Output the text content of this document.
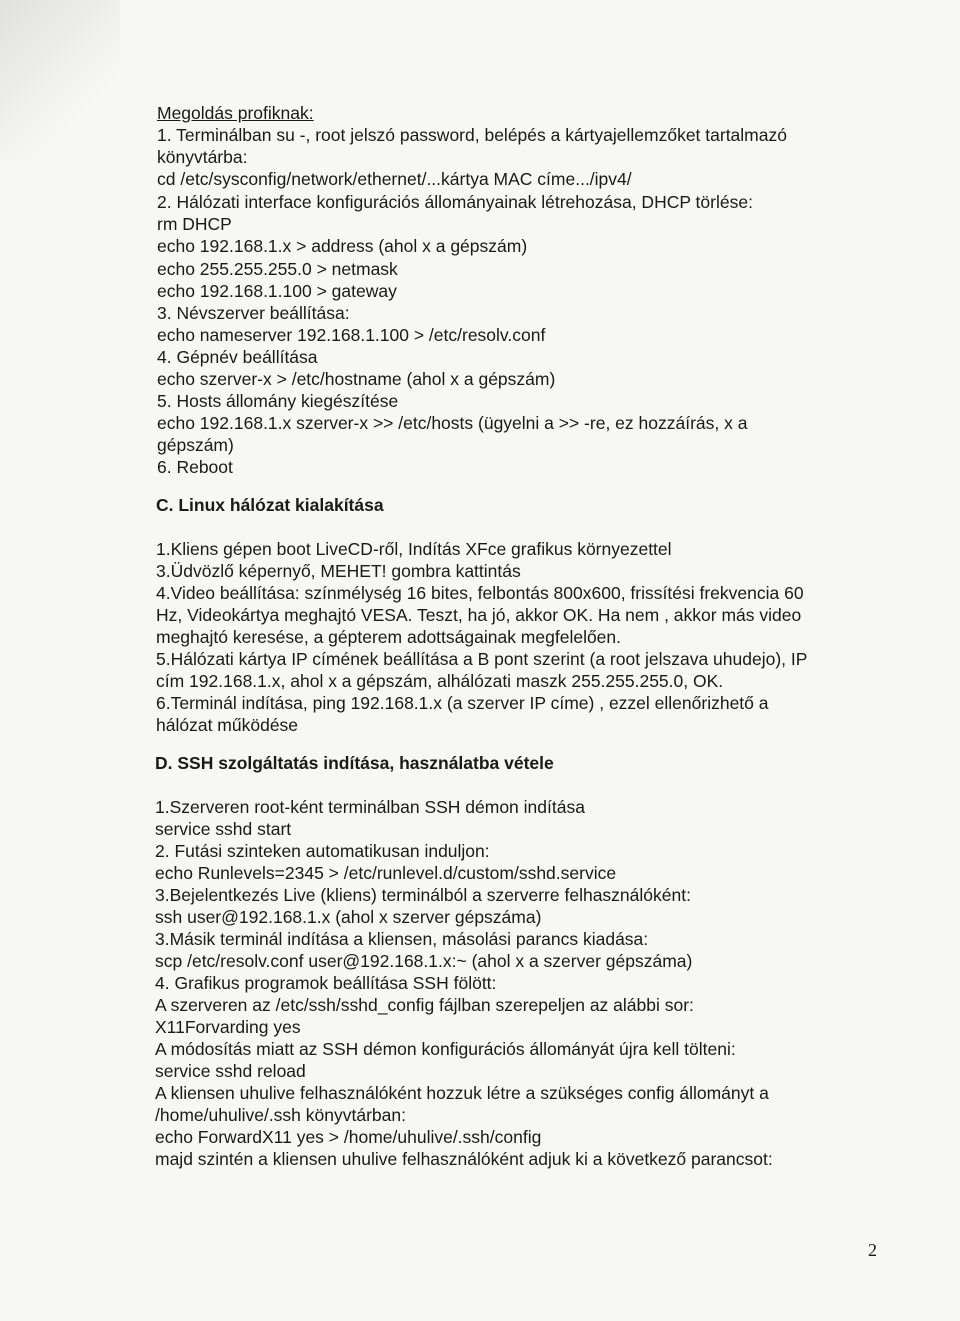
Megoldás profiknak:
1. Terminálban su -, root jelszó password, belépés a kártyajellemzőket tartalmazó
könyvtárba:
cd /etc/sysconfig/network/ethernet/...kártya MAC címe.../ipv4/
2. Hálózati interface konfigurációs állományainak létrehozása, DHCP törlése:
rm DHCP
echo 192.168.1.x > address (ahol x a gépszám)
echo 255.255.255.0 > netmask
echo 192.168.1.100 > gateway
3. Névszerver beállítása:
echo nameserver 192.168.1.100 > /etc/resolv.conf
4. Gépnév beállítása
echo szerver-x > /etc/hostname (ahol x a gépszám)
5. Hosts állomány kiegészítése
echo 192.168.1.x szerver-x >> /etc/hosts (ügyelni a >> -re, ez hozzáírás, x a
gépszám)
6. Reboot
C. Linux hálózat kialakítása
1.Kliens gépen boot LiveCD-ről, Indítás XFce grafikus környezettel
3.Üdvözlő képernyő, MEHET! gombra kattintás
4.Video beállítása: színmélység 16 bites, felbontás 800x600, frissítési frekvencia 60
Hz, Videokártya meghajtó VESA. Teszt, ha jó, akkor OK. Ha nem , akkor más video
meghajtó keresése, a gépterem adottságainak megfelelően.
5.Hálózati kártya IP címének beállítása a B pont szerint (a root jelszava uhudejo), IP
cím 192.168.1.x, ahol x a gépszám, alhálózati maszk 255.255.255.0, OK.
6.Terminál indítása, ping 192.168.1.x (a szerver IP címe) , ezzel ellenőrizhető a
hálózat működése
D. SSH szolgáltatás indítása, használatba vétele
1.Szerveren root-ként terminálban SSH démon indítása
service sshd start
2. Futási szinteken automatikusan induljon:
echo Runlevels=2345 > /etc/runlevel.d/custom/sshd.service
3.Bejelentkezés Live (kliens) terminálból a szerverre felhasználóként:
ssh user@192.168.1.x (ahol x szerver gépszáma)
3.Másik terminál indítása a kliensen, másolási parancs kiadása:
scp /etc/resolv.conf user@192.168.1.x:~ (ahol x a szerver gépszáma)
4. Grafikus programok beállítása SSH fölött:
A szerveren az /etc/ssh/sshd_config fájlban szerepeljen az alábbi sor:
X11Forvarding yes
A módosítás miatt az SSH démon konfigurációs állományát újra kell tölteni:
service sshd reload
A kliensen uhulive felhasználóként hozzuk létre a szükséges config állományt a
/home/uhulive/.ssh könyvtárban:
echo ForwardX11 yes > /home/uhulive/.ssh/config
majd szintén a kliensen uhulive felhasználóként adjuk ki a következő parancsot:
2
